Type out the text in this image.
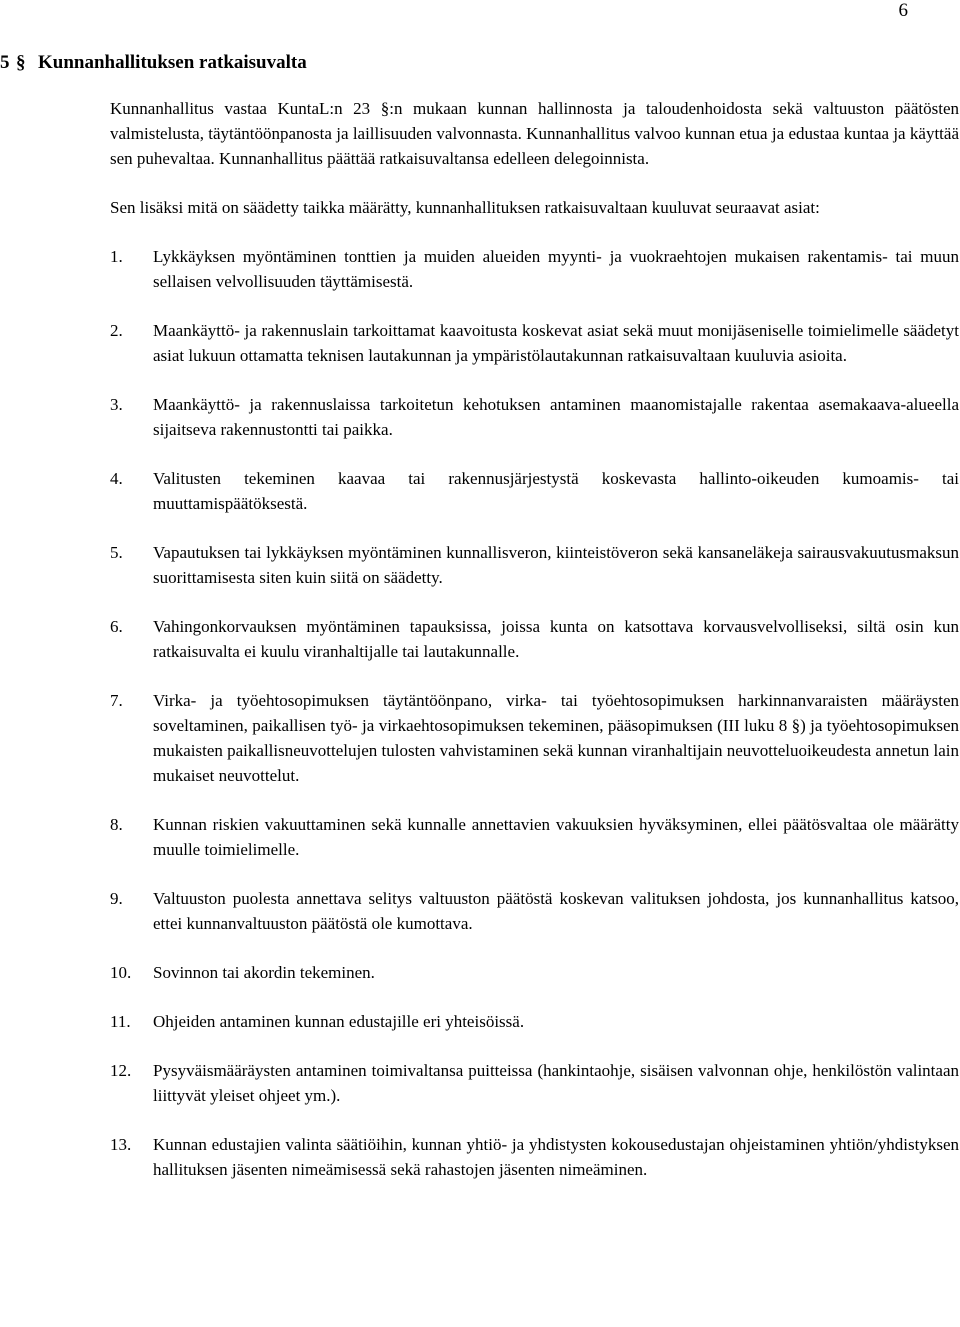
6
5 § Kunnanhallituksen ratkaisuvalta

Kunnanhallitus vastaa KuntaL:n 23 §:n mukaan kunnan hallinnosta ja taloudenhoidosta sekä valtuuston päätösten valmistelusta, täytäntöönpanosta ja laillisuuden valvonnasta. Kunnanhallitus valvoo kunnan etua ja edustaa kuntaa ja käyttää sen puhevaltaa. Kunnanhallitus päättää ratkaisuvaltansa edelleen delegoinnista.

Sen lisäksi mitä on säädetty taikka määrätty, kunnanhallituksen ratkaisuvaltaan kuuluvat seuraavat asiat:

1. Lykkäyksen myöntäminen tonttien ja muiden alueiden myynti- ja vuokraehtojen mukaisen rakentamis- tai muun sellaisen velvollisuuden täyttämisestä.
2. Maankäyttö- ja rakennuslain tarkoittamat kaavoitusta koskevat asiat sekä muut monijäseniselle toimielimelle säädetyt asiat lukuun ottamatta teknisen lautakunnan ja ympäristölautakunnan ratkaisuvaltaan kuuluvia asioita.
3. Maankäyttö- ja rakennuslaissa tarkoitetun kehotuksen antaminen maanomistajalle rakentaa asemakaava-alueella sijaitseva rakennustontti tai paikka.
4. Valitusten tekeminen kaavaa tai rakennusjärjestystä koskevasta hallinto-oikeuden kumoamis- tai muuttamispäätöksestä.
5. Vapautuksen tai lykkäyksen myöntäminen kunnallisveron, kiinteistöveron sekä kansaneläkeja sairausvakuutusmaksun suorittamisesta siten kuin siitä on säädetty.
6. Vahingonkorvauksen myöntäminen tapauksissa, joissa kunta on katsottava korvausvelvolliseksi, siltä osin kun ratkaisuvalta ei kuulu viranhaltijalle tai lautakunnalle.
7. Virka- ja työehtosopimuksen täytäntöönpano, virka- tai työehtosopimuksen harkinnanvaraisten määräysten soveltaminen, paikallisen työ- ja virkaehtosopimuksen tekeminen, pääsopimuksen (III luku 8 §) ja työehtosopimuksen mukaisten paikallisneuvottelujen tulosten vahvistaminen sekä kunnan viranhaltijain neuvotteluoikeudesta annetun lain mukaiset neuvottelut.
8. Kunnan riskien vakuuttaminen sekä kunnalle annettavien vakuuksien hyväksyminen, ellei päätösvaltaa ole määrätty muulle toimielimelle.
9. Valtuuston puolesta annettava selitys valtuuston päätöstä koskevan valituksen johdosta, jos kunnanhallitus katsoo, ettei kunnanvaltuuston päätöstä ole kumottava.
10. Sovinnon tai akordin tekeminen.
11. Ohjeiden antaminen kunnan edustajille eri yhteisöissä.
12. Pysyväismääräysten antaminen toimivaltansa puitteissa (hankintaohje, sisäisen valvonnan ohje, henkilöstön valintaan liittyvät yleiset ohjeet ym.).
13. Kunnan edustajien valinta säätiöihin, kunnan yhtiö- ja yhdistysten kokousedustajan ohjeistaminen yhtiön/yhdistyksen hallituksen jäsenten nimeämisessä sekä rahastojen jäsenten nimeäminen.
